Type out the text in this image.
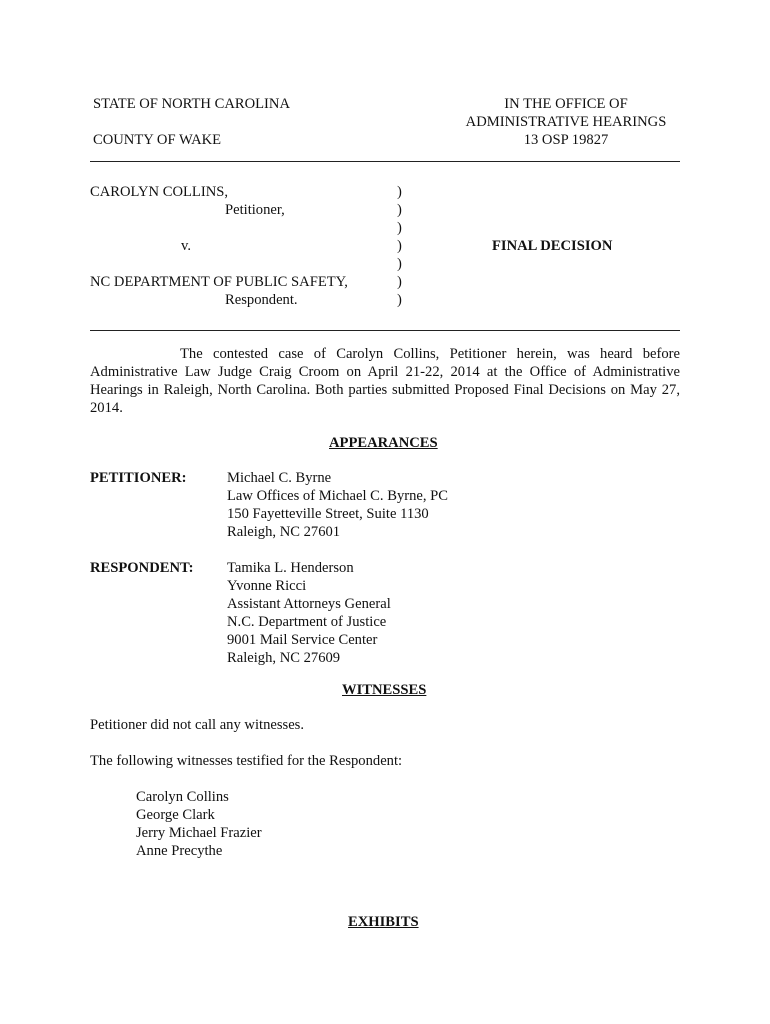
STATE OF NORTH CAROLINA
COUNTY OF WAKE
IN THE OFFICE OF
ADMINISTRATIVE HEARINGS
13 OSP 19827
CAROLYN COLLINS,
Petitioner,
v.
NC DEPARTMENT OF PUBLIC SAFETY,
Respondent.
)
)
)
)
)
)
)
FINAL DECISION
The contested case of Carolyn Collins, Petitioner herein, was heard before Administrative Law Judge Craig Croom on April 21-22, 2014 at the Office of Administrative Hearings in Raleigh, North Carolina. Both parties submitted Proposed Final Decisions on May 27, 2014.
APPEARANCES
PETITIONER:	Michael C. Byrne
Law Offices of Michael C. Byrne, PC
150 Fayetteville Street, Suite 1130
Raleigh, NC 27601
RESPONDENT: Tamika L. Henderson
Yvonne Ricci
Assistant Attorneys General
N.C. Department of Justice
9001 Mail Service Center
Raleigh, NC 27609
WITNESSES
Petitioner did not call any witnesses.
The following witnesses testified for the Respondent:
Carolyn Collins
George Clark
Jerry Michael Frazier
Anne Precythe
EXHIBITS
